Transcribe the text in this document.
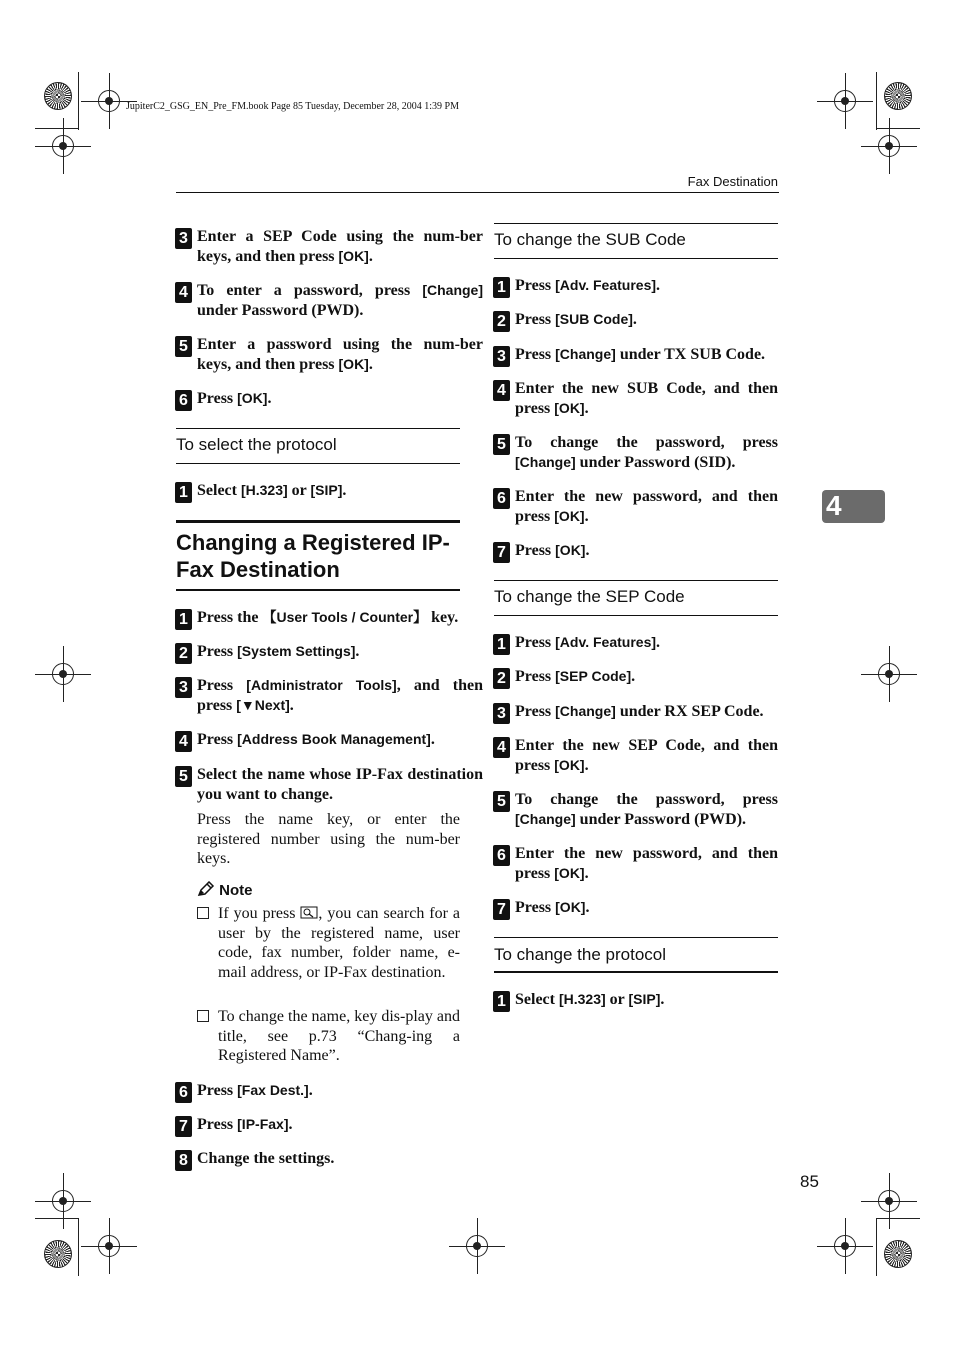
JupiterC2_GSG_EN_Pre_FM.book Page 85 Tuesday, December 28, 2004 1:39 PM
Fax Destination
4
85
3 Enter a SEP Code using the num-ber keys, and then press [OK].
4 To enter a password, press [Change] under Password (PWD).
5 Enter a password using the num-ber keys, and then press [OK].
6 Press [OK].
To select the protocol
1 Select [H.323] or [SIP].
Changing a Registered IP-Fax Destination
1 Press the 【User Tools / Counter】 key.
2 Press [System Settings].
3 Press [Administrator Tools], and then press [▼Next].
4 Press [Address Book Management].
5 Select the name whose IP-Fax destination you want to change.
Press the name key, or enter the registered number using the num-ber keys.
Note
If you press , you can search for a user by the registered name, user code, fax number, folder name, e-mail address, or IP-Fax destination.
To change the name, key dis-play and title, see p.73 “Chang-ing a Registered Name”.
6 Press [Fax Dest.].
7 Press [IP-Fax].
8 Change the settings.
To change the SUB Code
1 Press [Adv. Features].
2 Press [SUB Code].
3 Press [Change] under TX SUB Code.
4 Enter the new SUB Code, and then press [OK].
5 To change the password, press [Change] under Password (SID).
6 Enter the new password, and then press [OK].
7 Press [OK].
To change the SEP Code
1 Press [Adv. Features].
2 Press [SEP Code].
3 Press [Change] under RX SEP Code.
4 Enter the new SEP Code, and then press [OK].
5 To change the password, press [Change] under Password (PWD).
6 Enter the new password, and then press [OK].
7 Press [OK].
To change the protocol
1 Select [H.323] or [SIP].
